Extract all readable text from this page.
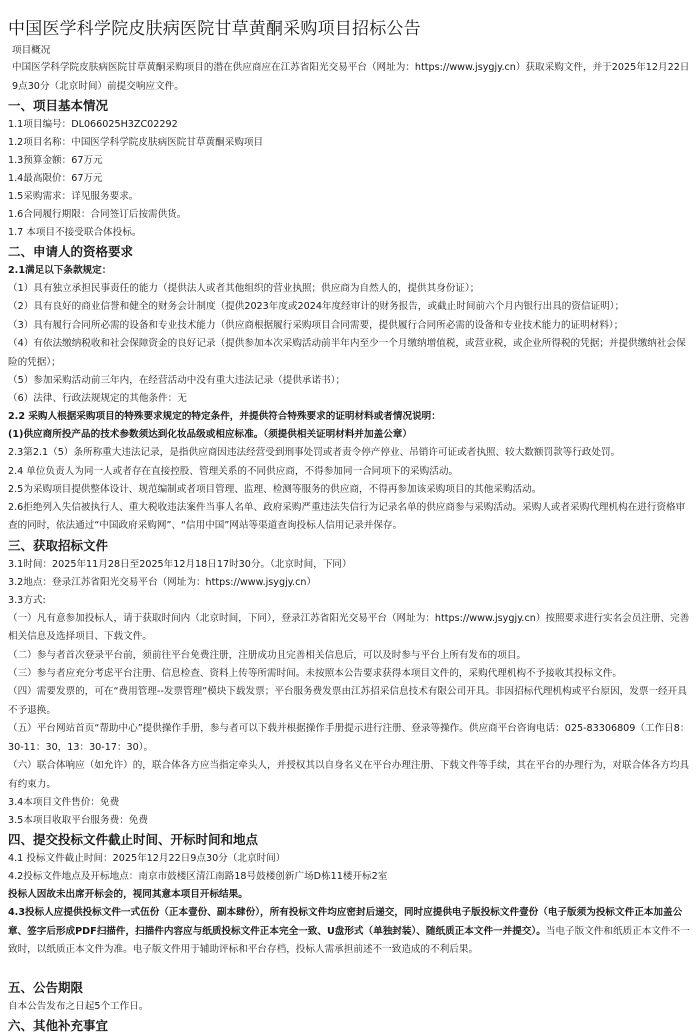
中国医学科学院皮肤病医院甘草黄酮采购项目招标公告
项目概况
中国医学科学院皮肤病医院甘草黄酮采购项目的潜在供应商应在江苏省阳光交易平台（网址为：https://www.jsygjy.cn）获取采购文件，并于2025年12月22日9点30分（北京时间）前提交响应文件。
一、项目基本情况
1.1项目编号：DL066025H3ZC02292
1.2项目名称：中国医学科学院皮肤病医院甘草黄酮采购项目
1.3预算金额：67万元
1.4最高限价：67万元
1.5采购需求：详见服务要求。
1.6合同履行期限：合同签订后按需供货。
1.7 本项目不接受联合体投标。
二、申请人的资格要求
2.1满足以下条款规定：
（1）具有独立承担民事责任的能力（提供法人或者其他组织的营业执照；供应商为自然人的，提供其身份证）；
（2）具有良好的商业信誉和健全的财务会计制度（提供2023年度或2024年度经审计的财务报告，或截止时间前六个月内银行出具的资信证明）；
（3）具有履行合同所必需的设备和专业技术能力（供应商根据履行采购项目合同需要，提供履行合同所必需的设备和专业技术能力的证明材料）；
（4）有依法缴纳税收和社会保障资金的良好记录（提供参加本次采购活动前半年内至少一个月缴纳增值税，或营业税，或企业所得税的凭据；并提供缴纳社会保险的凭据）；
（5）参加采购活动前三年内，在经营活动中没有重大违法记录（提供承诺书）；
（6）法律、行政法规规定的其他条件：无
2.2 采购人根据采购项目的特殊要求规定的特定条件，并提供符合特殊要求的证明材料或者情况说明：
(1)供应商所投产品的技术参数须达到化妆品级或相应标准。（须提供相关证明材料并加盖公章）
2.3第2.1（5）条所称重大违法记录，是指供应商因违法经营受到刑事处罚或者责令停产停业、吊销许可证或者执照、较大数额罚款等行政处罚。
2.4 单位负责人为同一人或者存在直接控股、管理关系的不同供应商，不得参加同一合同项下的采购活动。
2.5为采购项目提供整体设计、规范编制或者项目管理、监理、检测等服务的供应商，不得再参加该采购项目的其他采购活动。
2.6拒绝列入失信被执行人、重大税收违法案件当事人名单、政府采购严重违法失信行为记录名单的供应商参与采购活动。采购人或者采购代理机构在进行资格审查的同时，依法通过“中国政府采购网”、“信用中国”网站等渠道查询投标人信用记录并保存。
三、获取招标文件
3.1时间：2025年11月28日至2025年12月18日17时30分。（北京时间，下同）
3.2地点：登录江苏省阳光交易平台（网址为：https://www.jsygjy.cn）
3.3方式:
（一）凡有意参加投标人，请于获取时间内（北京时间，下同），登录江苏省阳光交易平台（网址为：https://www.jsygjy.cn）按照要求进行实名会员注册、完善相关信息及选择项目、下载文件。
（二）参与者首次登录平台前，须前往平台免费注册，注册成功且完善相关信息后，可以及时参与平台上所有发布的项目。
（三）参与者应充分考虑平台注册、信息检查、资料上传等所需时间。未按照本公告要求获得本项目文件的，采购代理机构不予接收其投标文件。
（四）需要发票的，可在“费用管理--发票管理”模块下载发票；平台服务费发票由江苏招采信息技术有限公司开具。非因招标代理机构或平台原因，发票一经开具不予退换。
（五）平台网站首页“帮助中心”提供操作手册，参与者可以下载并根据操作手册提示进行注册、登录等操作。供应商平台咨询电话：025-83306809（工作日8：30-11：30，13：30-17：30）。
（六）联合体响应（如允许）的，联合体各方应当指定牵头人，并授权其以自身名义在平台办理注册、下载文件等手续，其在平台的办理行为，对联合体各方均具有约束力。
3.4本项目文件售价：免费
3.5本项目收取平台服务费：免费
四、提交投标文件截止时间、开标时间和地点
4.1 投标文件截止时间：2025年12月22日9点30分（北京时间）
4.2投标文件地点及开标地点：南京市鼓楼区清江南路18号鼓楼创新广场D栋11楼开标2室
投标人因故未出席开标会的，视同其意本项目开标结果。
4.3投标人应提供投标文件一式伍份（正本壹份、副本肆份），所有投标文件均应密封后递交，同时应提供电子版投标文件壹份（电子版须为投标文件正本加盖公章、签字后形成PDF扫描件，扫描件内容应与纸质投标文件正本完全一致、U盘形式（单独封装）、随纸质正本文件一并提交）。当电子版文件和纸质正本文件不一致时，以纸质正本文件为准。电子版文件用于辅助评标和平台存档，投标人需承担前述不一致造成的不利后果。
五、公告期限
自本公告发布之日起5个工作日。
六、其他补充事宜
